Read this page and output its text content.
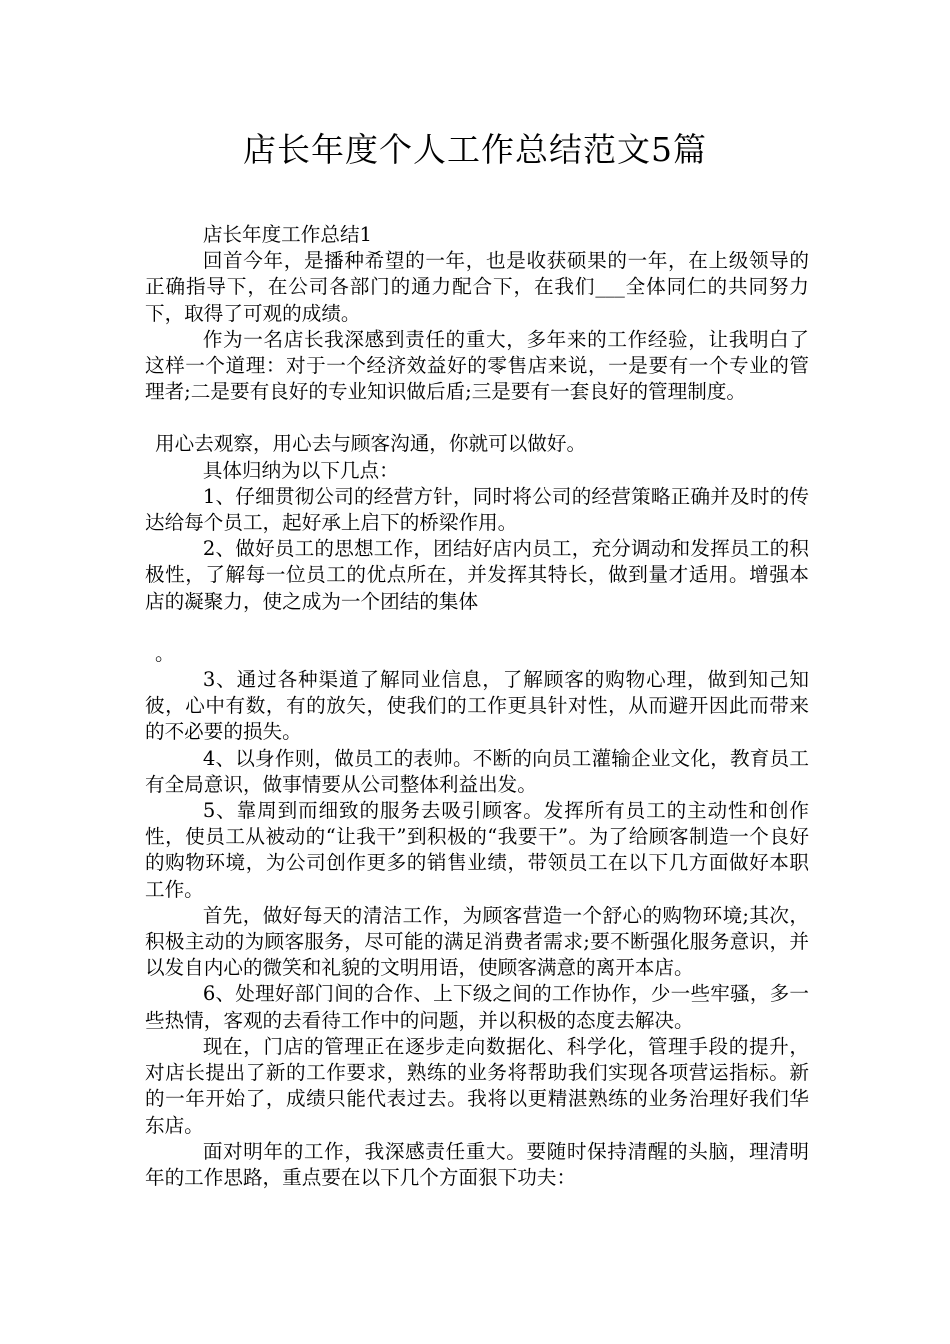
店长年度个人工作总结范文5篇

店长年度工作总结1

回首今年，是播种希望的一年，也是收获硕果的一年，在上级领导的正确指导下，在公司各部门的通力配合下，在我们___全体同仁的共同努力下，取得了可观的成绩。

作为一名店长我深感到责任的重大，多年来的工作经验，让我明白了这样一个道理：对于一个经济效益好的零售店来说，一是要有一个专业的管理者;二是要有良好的专业知识做后盾;三是要有一套良好的管理制度。

用心去观察，用心去与顾客沟通，你就可以做好。

具体归纳为以下几点：

1、仔细贯彻公司的经营方针，同时将公司的经营策略正确并及时的传达给每个员工，起好承上启下的桥梁作用。

2、做好员工的思想工作，团结好店内员工，充分调动和发挥员工的积极性，了解每一位员工的优点所在，并发挥其特长，做到量才适用。增强本店的凝聚力，使之成为一个团结的集体

。

3、通过各种渠道了解同业信息，了解顾客的购物心理，做到知己知彼，心中有数，有的放矢，使我们的工作更具针对性，从而避开因此而带来的不必要的损失。

4、以身作则，做员工的表帅。不断的向员工灌输企业文化，教育员工有全局意识，做事情要从公司整体利益出发。

5、靠周到而细致的服务去吸引顾客。发挥所有员工的主动性和创作性，使员工从被动的“让我干”到积极的“我要干”。为了给顾客制造一个良好的购物环境，为公司创作更多的销售业绩，带领员工在以下几方面做好本职工作。

首先，做好每天的清洁工作，为顾客营造一个舒心的购物环境;其次，积极主动的为顾客服务，尽可能的满足消费者需求;要不断强化服务意识，并以发自内心的微笑和礼貌的文明用语，使顾客满意的离开本店。

6、处理好部门间的合作、上下级之间的工作协作，少一些牢骚，多一些热情，客观的去看待工作中的问题，并以积极的态度去解决。

现在，门店的管理正在逐步走向数据化、科学化，管理手段的提升，对店长提出了新的工作要求，熟练的业务将帮助我们实现各项营运指标。新的一年开始了，成绩只能代表过去。我将以更精湛熟练的业务治理好我们华东店。

面对明年的工作，我深感责任重大。要随时保持清醒的头脑，理清明年的工作思路，重点要在以下几个方面狠下功夫：
